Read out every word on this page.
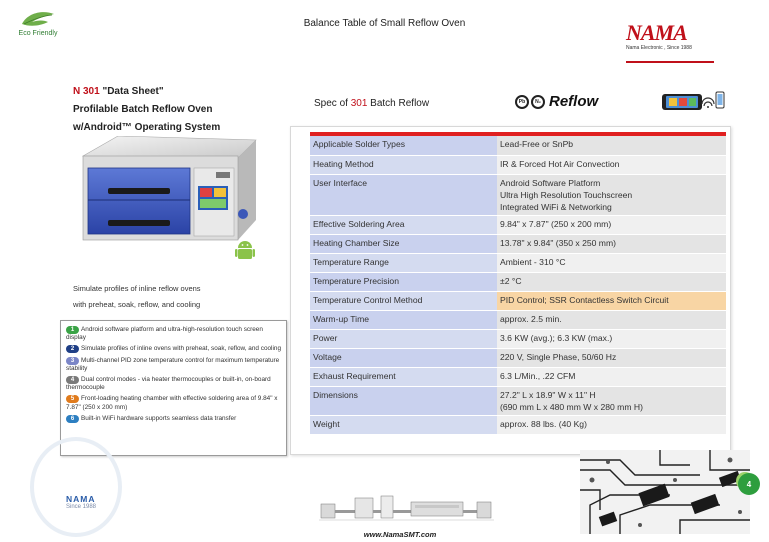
Eco Friendly
Balance Table of Small Reflow Oven	NAMA
Nama Electronic , Since 1988
N 301 "Data Sheet"
Profilable Batch Reflow Oven
w/Android™ Operating System
Spec of 301 Batch Reflow	Pb	N₂ Reflow
Simulate profiles of inline reflow ovens
with preheat, soak, reflow, and cooling
1 Android software platform and ultra-high-resolution touch screen display
2 Simulate profiles of inline ovens with preheat, soak, reflow, and cooling
3 Multi-channel PID zone temperature control for maximum temperature stability
4 Dual control modes - via heater thermocouples or built-in, on-board thermocouple
5 Front-loading heating chamber with effective soldering area of 9.84" x 7.87" (250 x 200 mm)
6 Built-in WiFi hardware supports seamless data transfer
Applicable Solder Types	Lead-Free or SnPb
Heating Method	IR & Forced Hot Air Convection
User Interface	Android Software Platform
Ultra High Resolution Touchscreen
Integrated WiFi & Networking
Effective Soldering Area	9.84" x 7.87" (250 x 200 mm)
Heating Chamber Size	13.78" x 9.84" (350 x 250 mm)
Temperature Range	Ambient - 310 °C
Temperature Precision	±2 °C
Temperature Control Method	PID Control; SSR Contactless Switch Circuit
Warm-up Time	approx. 2.5 min.
Power	3.6 KW (avg.); 6.3 KW (max.)
Voltage	220 V, Single Phase, 50/60 Hz
Exhaust Requirement	6.3 L/Min., .22 CFM
Dimensions	27.2" L x 18.9" W x 11" H
(690 mm L x 480 mm W x 280 mm H)
Weight	approx. 88 lbs. (40 Kg)
NAMA
Since 1988
www.NamaSMT.com
4
